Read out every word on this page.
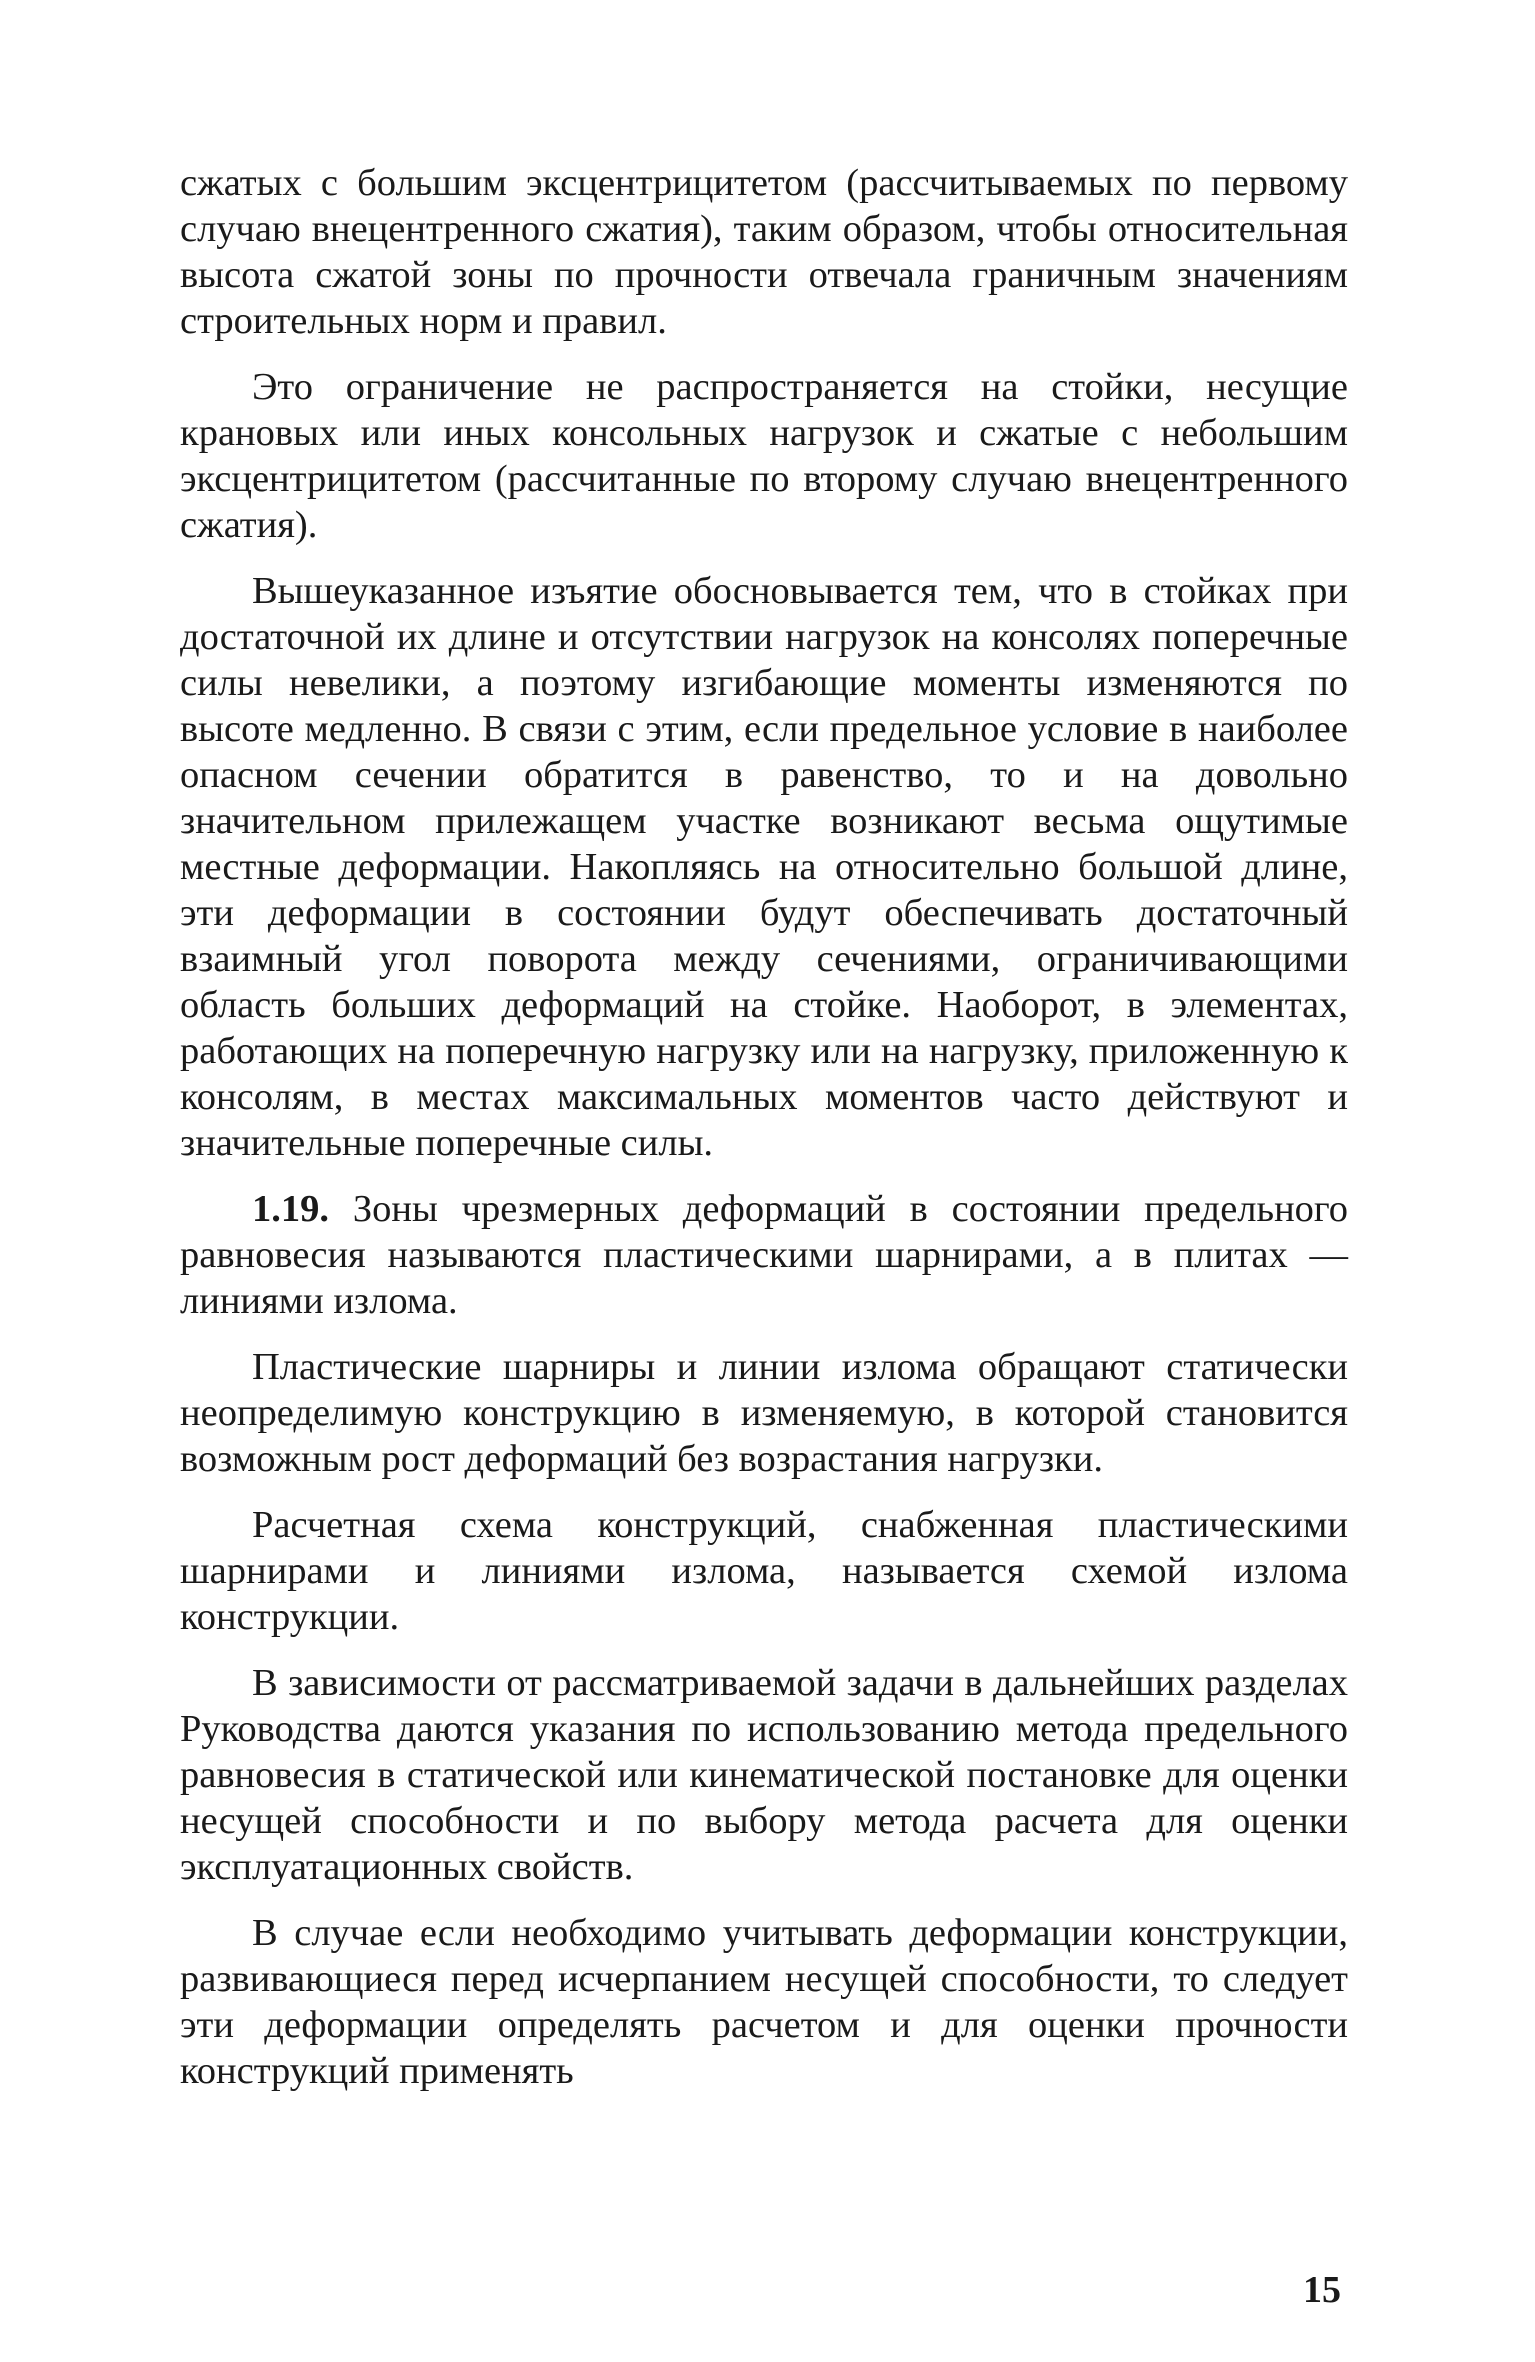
сжатых с большим эксцентрицитетом (рассчитываемых по первому случаю внецентренного сжатия), таким образом, чтобы относительная высота сжатой зоны по прочности отвечала граничным значениям строительных норм и правил.

Это ограничение не распространяется на стойки, несущие крановых или иных консольных нагрузок и сжатые с небольшим эксцентрицитетом (рассчитанные по второму случаю внецентренного сжатия).

Вышеуказанное изъятие обосновывается тем, что в стойках при достаточной их длине и отсутствии нагрузок на консолях поперечные силы невелики, а поэтому изгибающие моменты изменяются по высоте медленно. В связи с этим, если предельное условие в наиболее опасном сечении обратится в равенство, то и на довольно значительном прилежащем участке возникают весьма ощутимые местные деформации. Накопляясь на относительно большой длине, эти деформации в состоянии будут обеспечивать достаточный взаимный угол поворота между сечениями, ограничивающими область больших деформаций на стойке. Наоборот, в элементах, работающих на поперечную нагрузку или на нагрузку, приложенную к консолям, в местах максимальных моментов часто действуют и значительные поперечные силы.

1.19. Зоны чрезмерных деформаций в состоянии предельного равновесия называются пластическими шарнирами, а в плитах — линиями излома.

Пластические шарниры и линии излома обращают статически неопределимую конструкцию в изменяемую, в которой становится возможным рост деформаций без возрастания нагрузки.

Расчетная схема конструкций, снабженная пластическими шарнирами и линиями излома, называется схемой излома конструкции.

В зависимости от рассматриваемой задачи в дальнейших разделах Руководства даются указания по использованию метода предельного равновесия в статической или кинематической постановке для оценки несущей способности и по выбору метода расчета для оценки эксплуатационных свойств.

В случае если необходимо учитывать деформации конструкции, развивающиеся перед исчерпанием несущей способности, то следует эти деформации определять расчетом и для оценки прочности конструкций применять

15
